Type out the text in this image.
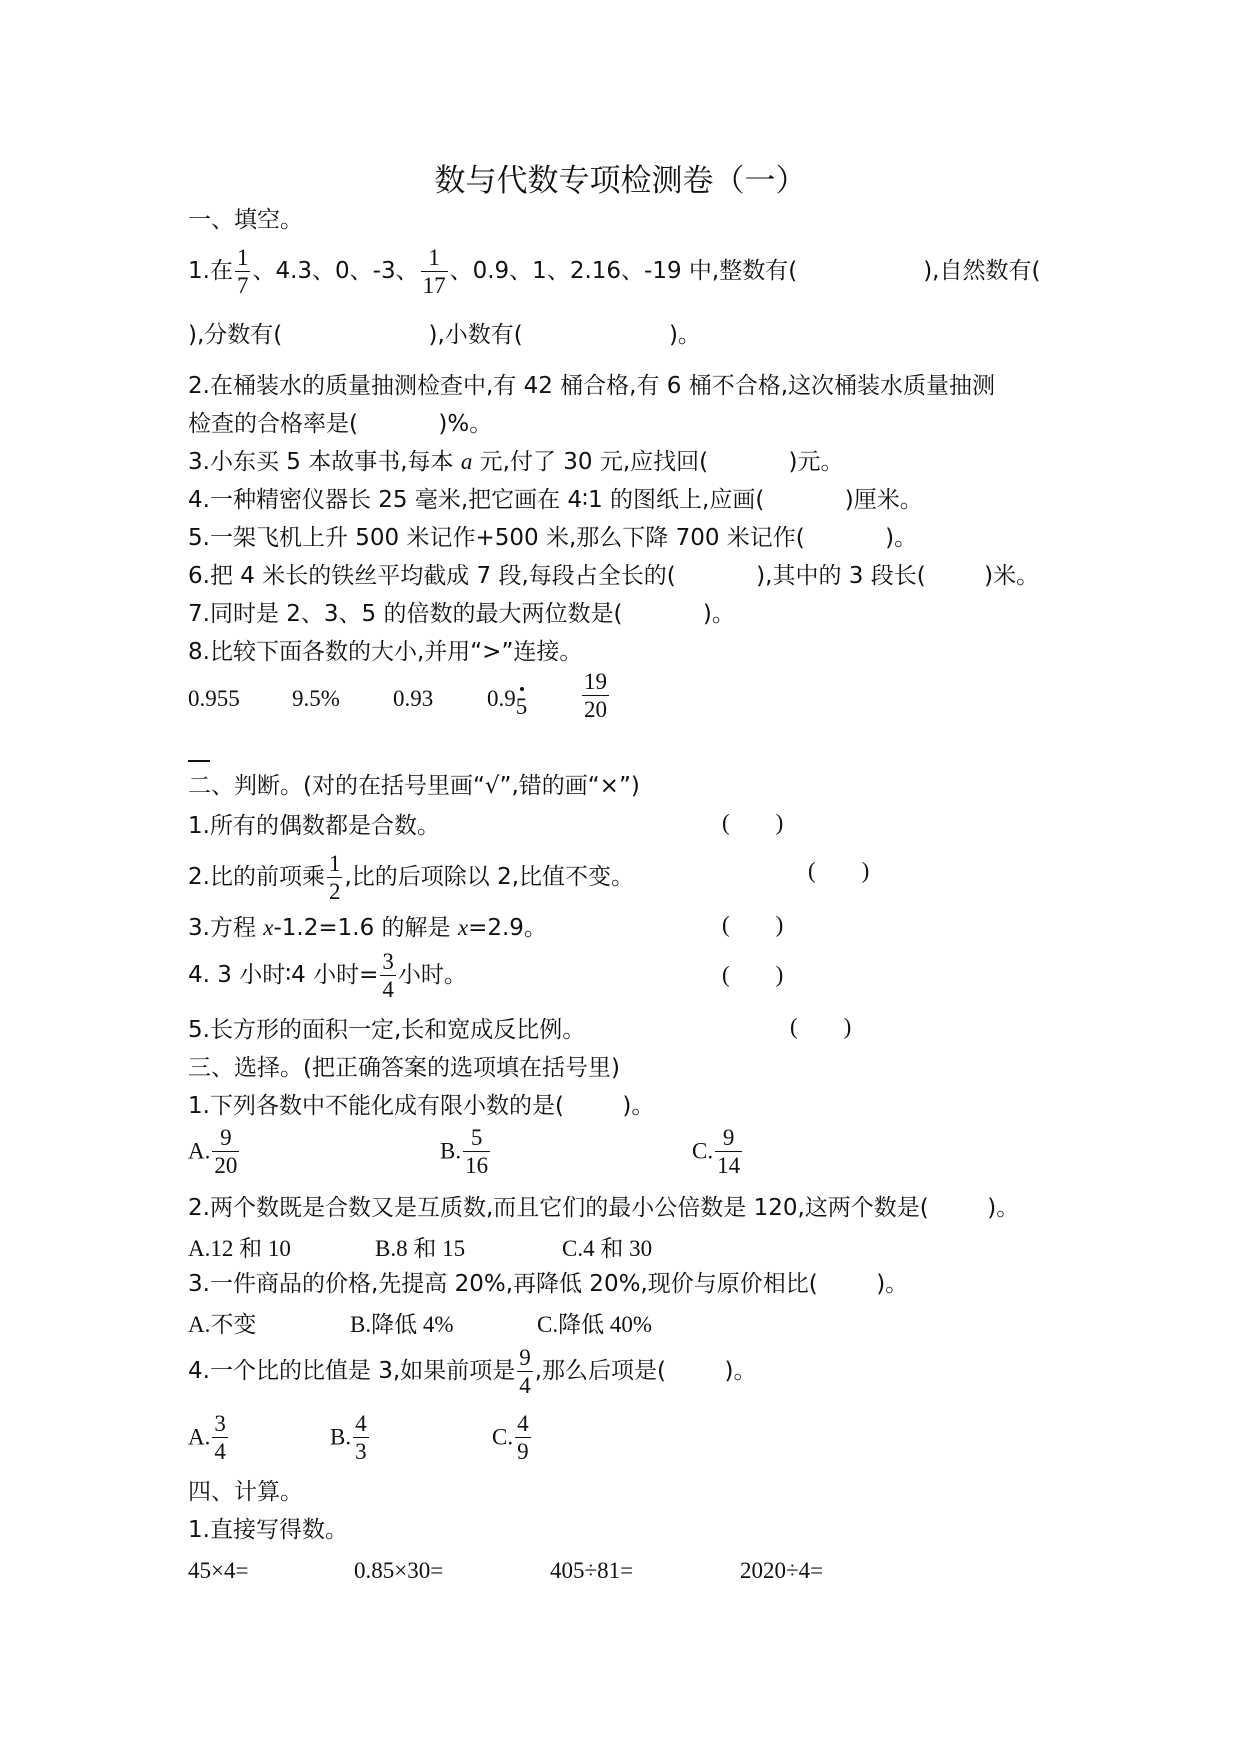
数与代数专项检测卷（一）
一、填空。
1.在 $\frac{1}{7}$ 、4.3、0、-3、 $\frac{1}{17}$ 、0.9、1、2.16、-19 中,整数有(	),自然数有(
),分数有(                    ),小数有(                    )。
2.在桶装水的质量抽测检查中,有 42 桶合格,有 6 桶不合格,这次桶装水质量抽测
检查的合格率是(           )%。
3.小东买 5 本故事书,每本 a 元,付了 30 元,应找回(           )元。
4.一种精密仪器长 25 毫米,把它画在 4∶1 的图纸上,应画(           )厘米。
5.一架飞机上升 500 米记作+500 米,那么下降 700 米记作(           )。
6.把 4 米长的铁丝平均截成 7 段,每段占全长的(           ),其中的 3 段长(        )米。
7.同时是 2、3、5 的倍数的最大两位数是(           )。
8.比较下面各数的大小,并用“>”连接。
0.955 9.5% 0.93 $0.95 \frac{19}{20}$
二、判断。(对的在括号里画“√”,错的画“×”)
1.所有的偶数都是合数。	(        )
2.比的前项乘 $\frac{1}{2}$ ,比的后项除以 2,比值不变。	(        )
3.方程 x-1.2=1.6 的解是 x=2.9。	(        )
4. 3 小时∶4 小时= $\frac{3}{4}$ 小时。	(        )
5.长方形的面积一定,长和宽成反比例。	(        )
三、选择。(把正确答案的选项填在括号里)
1.下列各数中不能化成有限小数的是(        )。
A. $\frac{9}{20}$	B. $\frac{5}{16}$	C. $\frac{9}{14}$
2.两个数既是合数又是互质数,而且它们的最小公倍数是 120,这两个数是(        )。
A.12 和 10	B.8 和 15	C.4 和 30
3.一件商品的价格,先提高 20%,再降低 20%,现价与原价相比(        )。
A.不变	B.降低 4%	C.降低 40%
4.一个比的比值是 3,如果前项是 $\frac{9}{4}$ ,那么后项是(        )。
A. $\frac{3}{4}$	B. $\frac{4}{3}$	C. $\frac{4}{9}$
四、计算。
1.直接写得数。
45×4=	0.85×30=	405÷81=	2020÷4=
